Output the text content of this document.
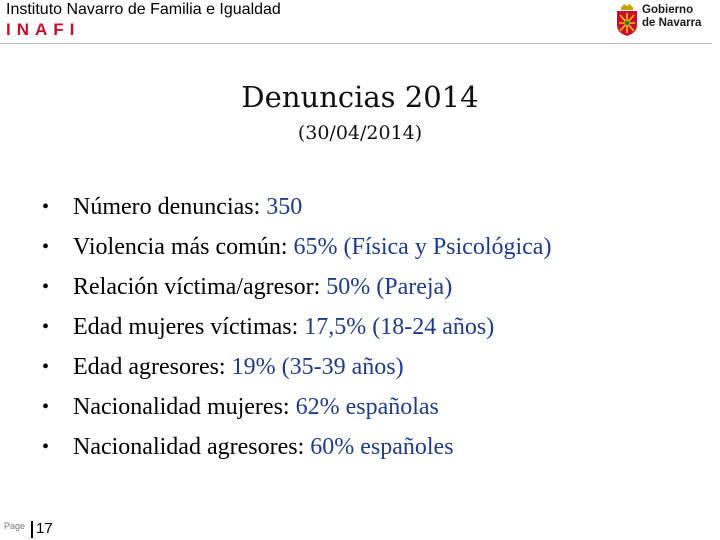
Instituto Navarro de Familia e Igualdad
INAFI
Gobierno
de Navarra
Denuncias 2014
(30/04/2014)
• Número denuncias:
350
• Violencia más común:
65% (Física y Psicológica)
• Relación víctima/agresor:
50% (Pareja)
• Edad mujeres víctimas:
17,5% (18-24 años)
• Edad agresores:
19% (35-39 años)
• Nacionalidad mujeres:
62% españolas
• Nacionalidad agresores:
60% españoles
Page 17
